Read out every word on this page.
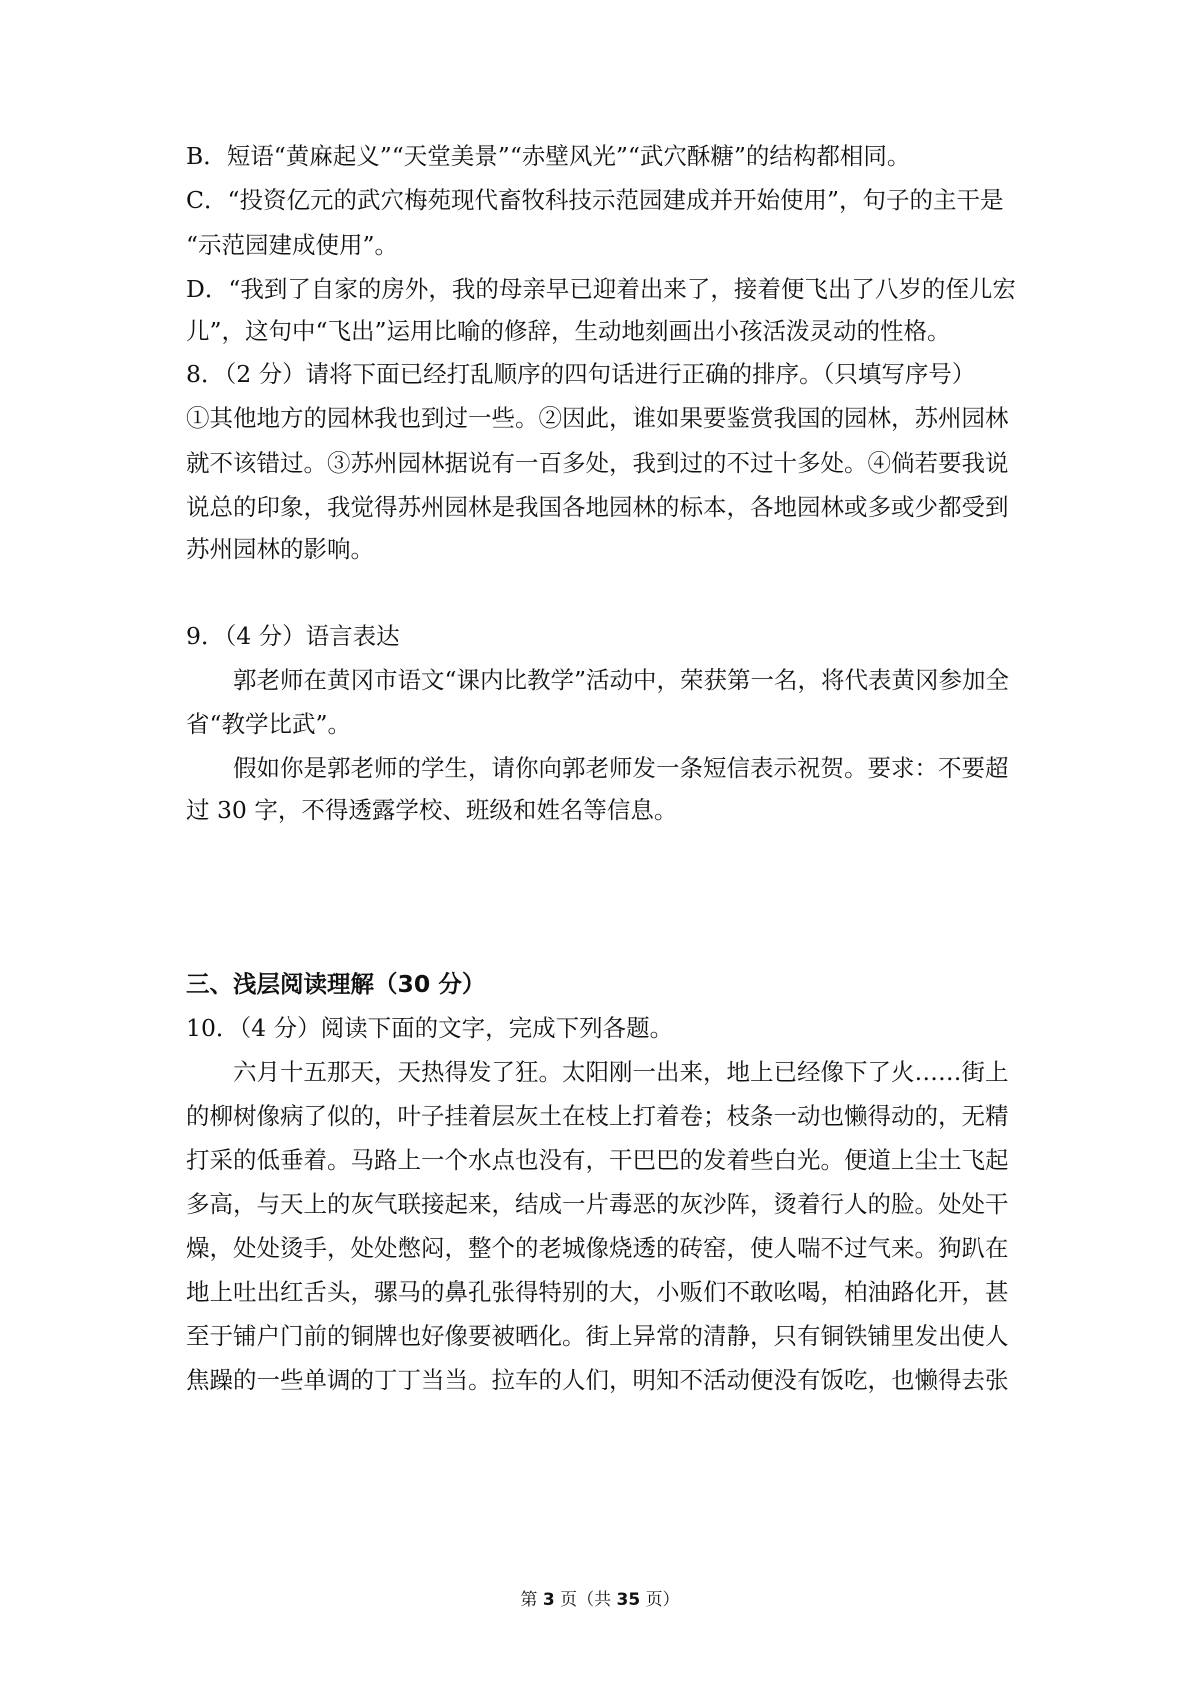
B．短语“黄麻起义”“天堂美景”“赤壁风光”“武穴酥糖”的结构都相同。
C．“投资亿元的武穴梅苑现代畜牧科技示范园建成并开始使用”，句子的主干是
“示范园建成使用”。
D．“我到了自家的房外，我的母亲早已迎着出来了，接着便飞出了八岁的侄儿宏
儿”，这句中“飞出”运用比喻的修辞，生动地刻画出小孩活泼灵动的性格。
8．（2 分）请将下面已经打乱顺序的四句话进行正确的排序。（只填写序号）
①其他地方的园林我也到过一些。②因此，谁如果要鉴赏我国的园林，苏州园林
就不该错过。③苏州园林据说有一百多处，我到过的不过十多处。④倘若要我说
说总的印象，我觉得苏州园林是我国各地园林的标本，各地园林或多或少都受到
苏州园林的影响。
9．（4 分）语言表达
郭老师在黄冈市语文“课内比教学”活动中，荣获第一名，将代表黄冈参加全
省“教学比武”。
假如你是郭老师的学生，请你向郭老师发一条短信表示祝贺。要求：不要超
过 30 字，不得透露学校、班级和姓名等信息。
三、浅层阅读理解（30 分）
10．（4 分）阅读下面的文字，完成下列各题。
六月十五那天，天热得发了狂。太阳刚一出来，地上已经像下了火……街上
的柳树像病了似的，叶子挂着层灰土在枝上打着卷；枝条一动也懒得动的，无精
打采的低垂着。马路上一个水点也没有，干巴巴的发着些白光。便道上尘土飞起
多高，与天上的灰气联接起来，结成一片毒恶的灰沙阵，烫着行人的脸。处处干
燥，处处烫手，处处憋闷，整个的老城像烧透的砖窑，使人喘不过气来。狗趴在
地上吐出红舌头，骡马的鼻孔张得特别的大，小贩们不敢吆喝，柏油路化开，甚
至于铺户门前的铜牌也好像要被晒化。街上异常的清静，只有铜铁铺里发出使人
焦躁的一些单调的丁丁当当。拉车的人们，明知不活动便没有饭吃，也懒得去张
第 3 页（共 35 页）
